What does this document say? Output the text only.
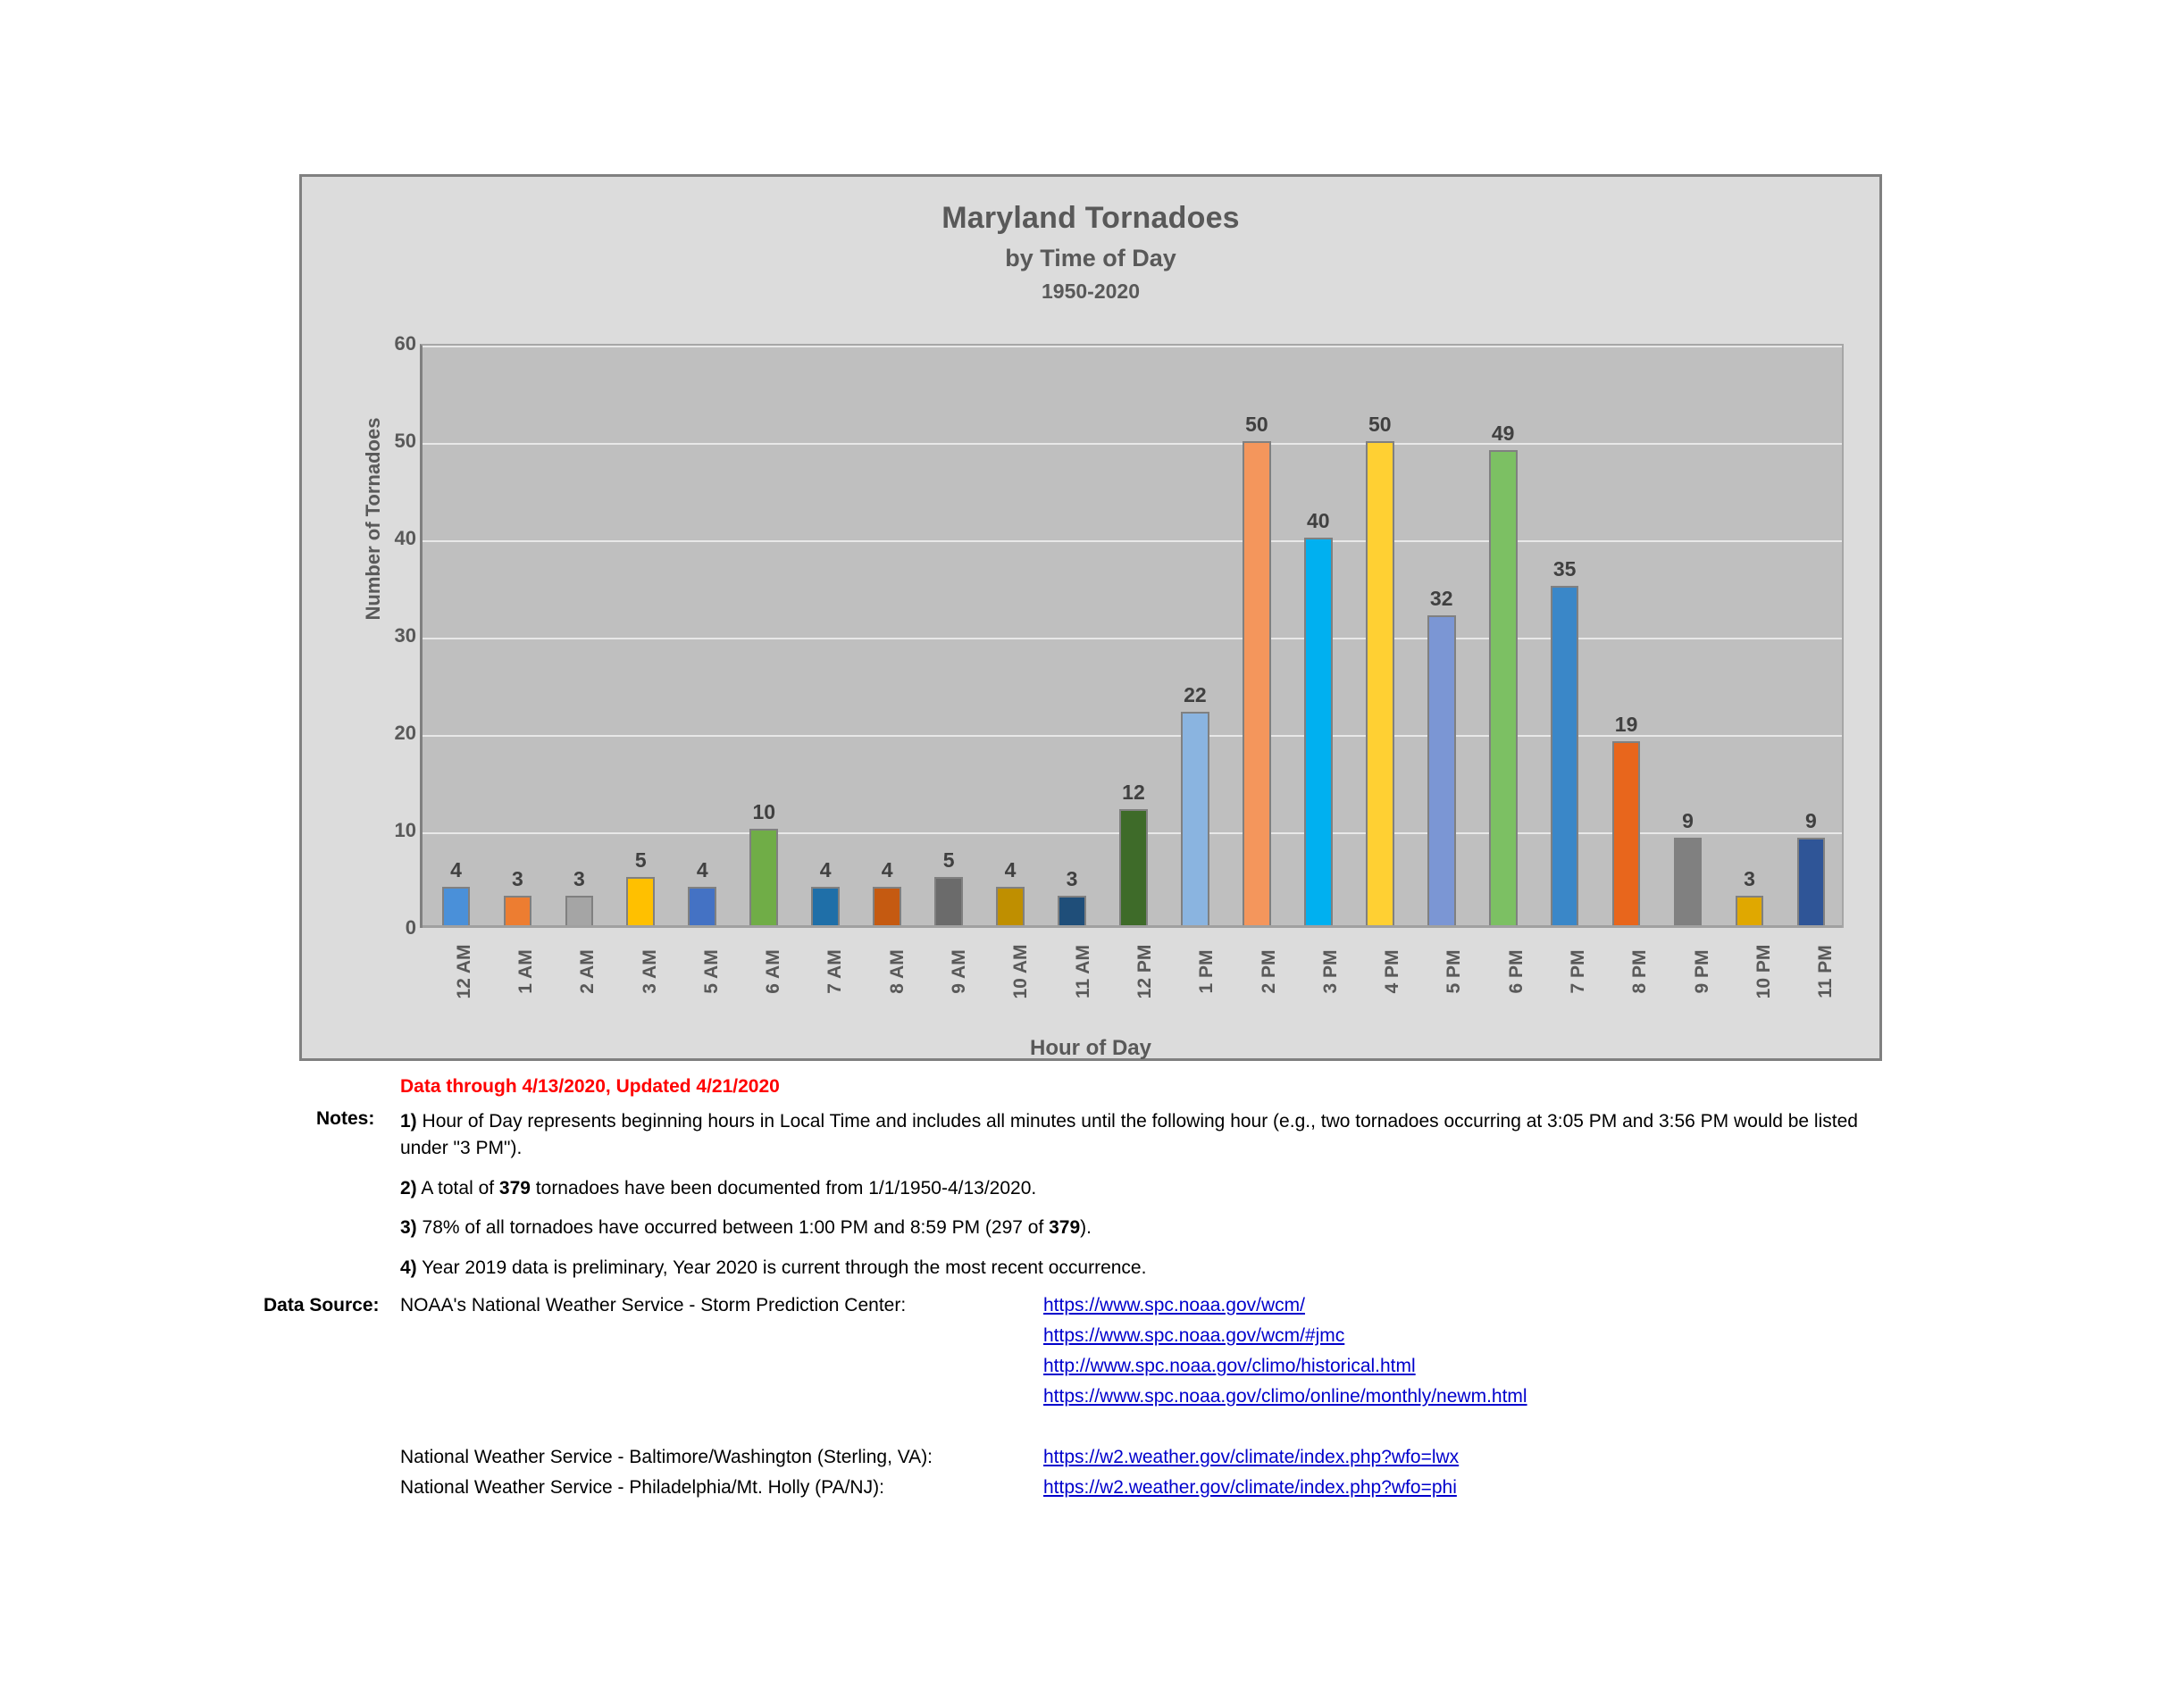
Maryland Tornadoes
by Time of Day
1950-2020
60
50
40
30
20
10
0
Number of Tornadoes
4 3 3
5 4
10
4 4 5 4 3
12
22
50
40
50
32
49
35
19
9
3
9
12 AM 1 AM 2 AM 3 AM 5 AM 6 AM 7 AM 8 AM 9 AM 10 AM 11 AM 12 PM 1 PM 2 PM 3 PM 4 PM 5 PM 6 PM 7 PM 8 PM 9 PM 10 PM 11 PM
Hour of Day
Data through 4/13/2020, Updated 4/21/2020
Notes: 1) Hour of Day represents beginning hours in Local Time and includes all minutes until the following hour (e.g., two tornadoes occurring at 3:05 PM and 3:56 PM would be listed under "3 PM").
2) A total of 379 tornadoes have been documented from 1/1/1950-4/13/2020.
3) 78% of all tornadoes have occurred between 1:00 PM and 8:59 PM (297 of 379).
4) Year 2019 data is preliminary, Year 2020 is current through the most recent occurrence.
Data Source: NOAA's National Weather Service - Storm Prediction Center:	https://www.spc.noaa.gov/wcm/
https://www.spc.noaa.gov/wcm/#jmc
http://www.spc.noaa.gov/climo/historical.html
https://www.spc.noaa.gov/climo/online/monthly/newm.html
National Weather Service - Baltimore/Washington (Sterling, VA):	https://w2.weather.gov/climate/index.php?wfo=lwx
National Weather Service - Philadelphia/Mt. Holly (PA/NJ):	https://w2.weather.gov/climate/index.php?wfo=phi
